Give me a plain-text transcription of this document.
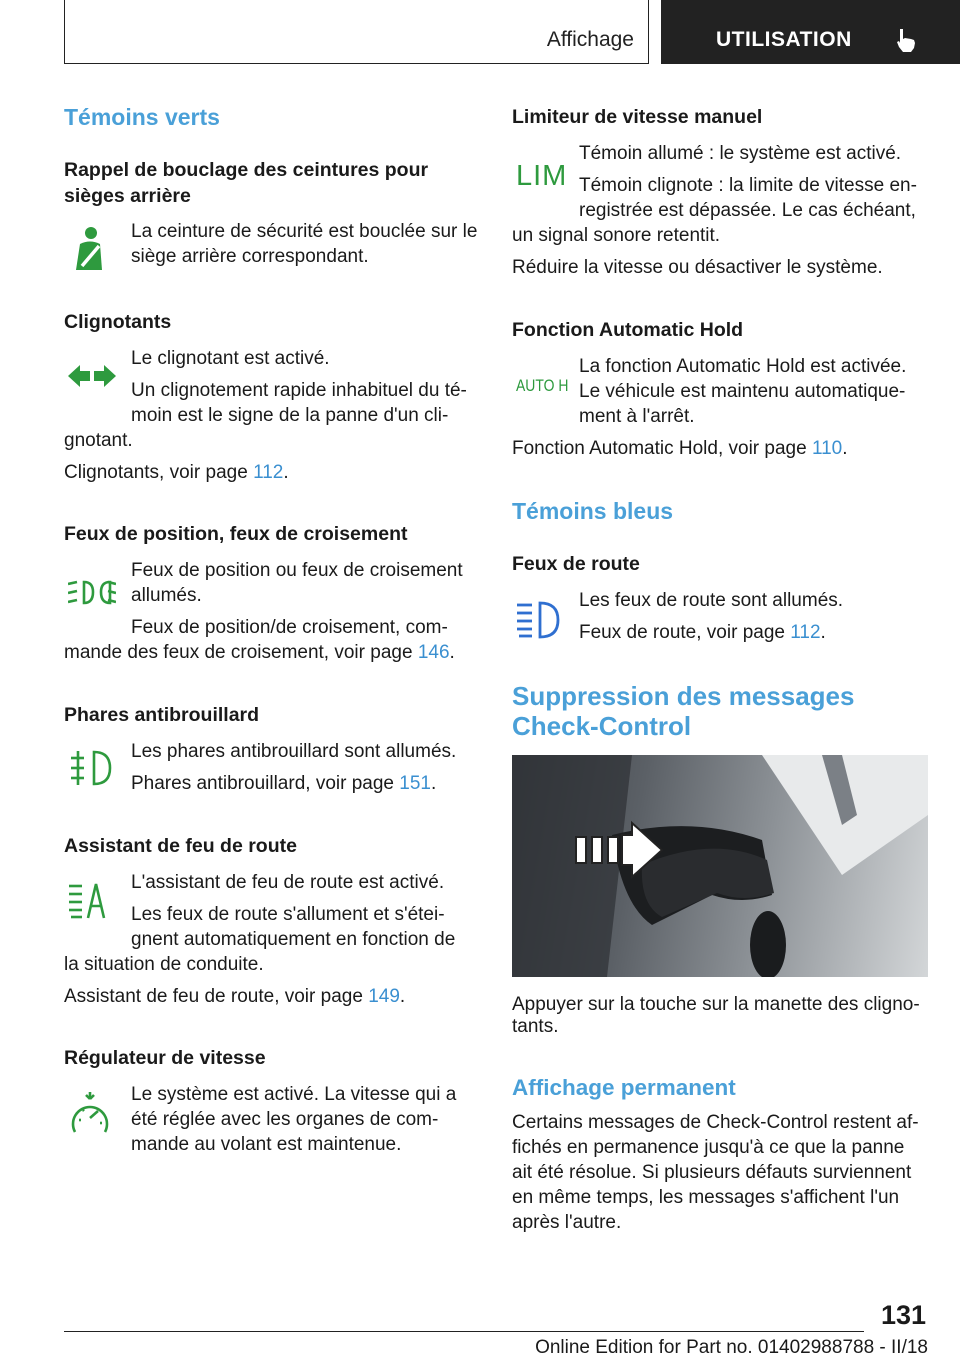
Affichage	UTILISATION
Témoins verts
Rappel de bouclage des ceintures pour
sièges arrière
La ceinture de sécurité est bouclée sur le
siège arrière correspondant.
Clignotants
Le clignotant est activé.
Un clignotement rapide inhabituel du té‐
moin est le signe de la panne d'un cli‐
gnotant.
Clignotants, voir page 112.
Feux de position, feux de croisement
Feux de position ou feux de croisement
allumés.
Feux de position/de croisement, com‐
mande des feux de croisement, voir page 146.
Phares antibrouillard
Les phares antibrouillard sont allumés.
Phares antibrouillard, voir page 151.
Assistant de feu de route
L'assistant de feu de route est activé.
Les feux de route s'allument et s'étei‐
gnent automatiquement en fonction de
la situation de conduite.
Assistant de feu de route, voir page 149.
Régulateur de vitesse
Le système est activé. La vitesse qui a
été réglée avec les organes de com‐
mande au volant est maintenue.
Limiteur de vitesse manuel
LIM
Témoin allumé : le système est activé.
Témoin clignote : la limite de vitesse en‐
registrée est dépassée. Le cas échéant,
un signal sonore retentit.
Réduire la vitesse ou désactiver le système.
Fonction Automatic Hold
AUTO H
La fonction Automatic Hold est activée.
Le véhicule est maintenu automatique‐
ment à l'arrêt.
Fonction Automatic Hold, voir page 110.
Témoins bleus
Feux de route
Les feux de route sont allumés.
Feux de route, voir page 112.
Suppression des messages
Check-Control
Appuyer sur la touche sur la manette des cligno‐
tants.
Affichage permanent
Certains messages de Check-Control restent af‐
fichés en permanence jusqu'à ce que la panne
ait été résolue. Si plusieurs défauts surviennent
en même temps, les messages s'affichent l'un
après l'autre.
131
Online Edition for Part no. 01402988788 - II/18
